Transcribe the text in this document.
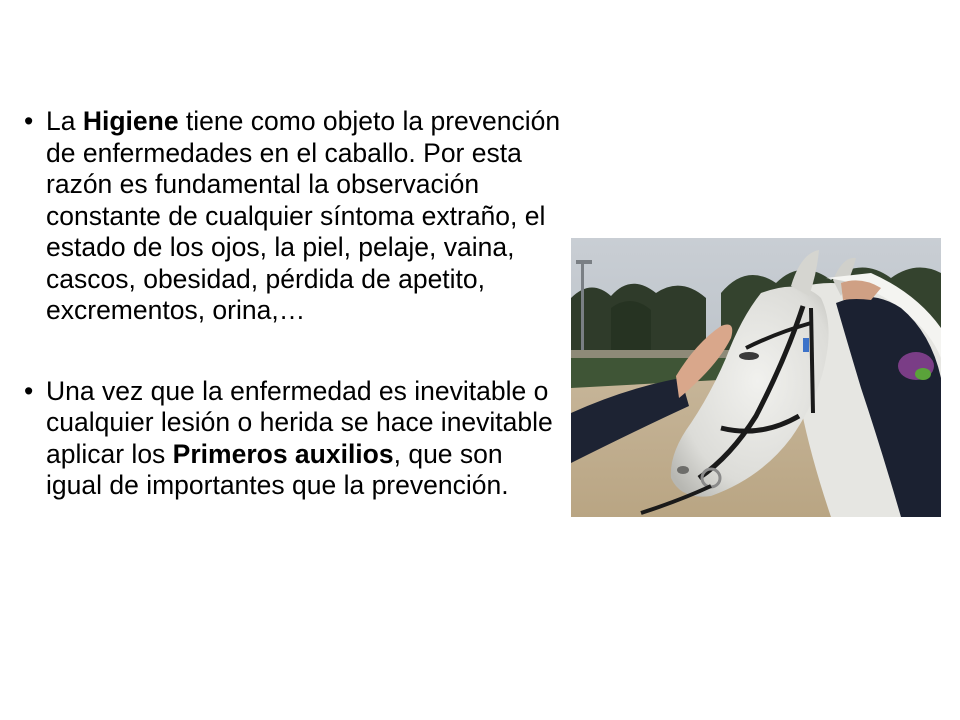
• La Higiene tiene como objeto la prevención de enfermedades en el caballo. Por esta razón es fundamental la observación constante de cualquier síntoma extraño, el estado de los ojos, la piel, pelaje, vaina, cascos, obesidad, pérdida de apetito, excrementos, orina,…
• Una vez que la enfermedad es inevitable o cualquier lesión o herida se hace inevitable aplicar los Primeros auxilios, que son igual de importantes que la prevención.
